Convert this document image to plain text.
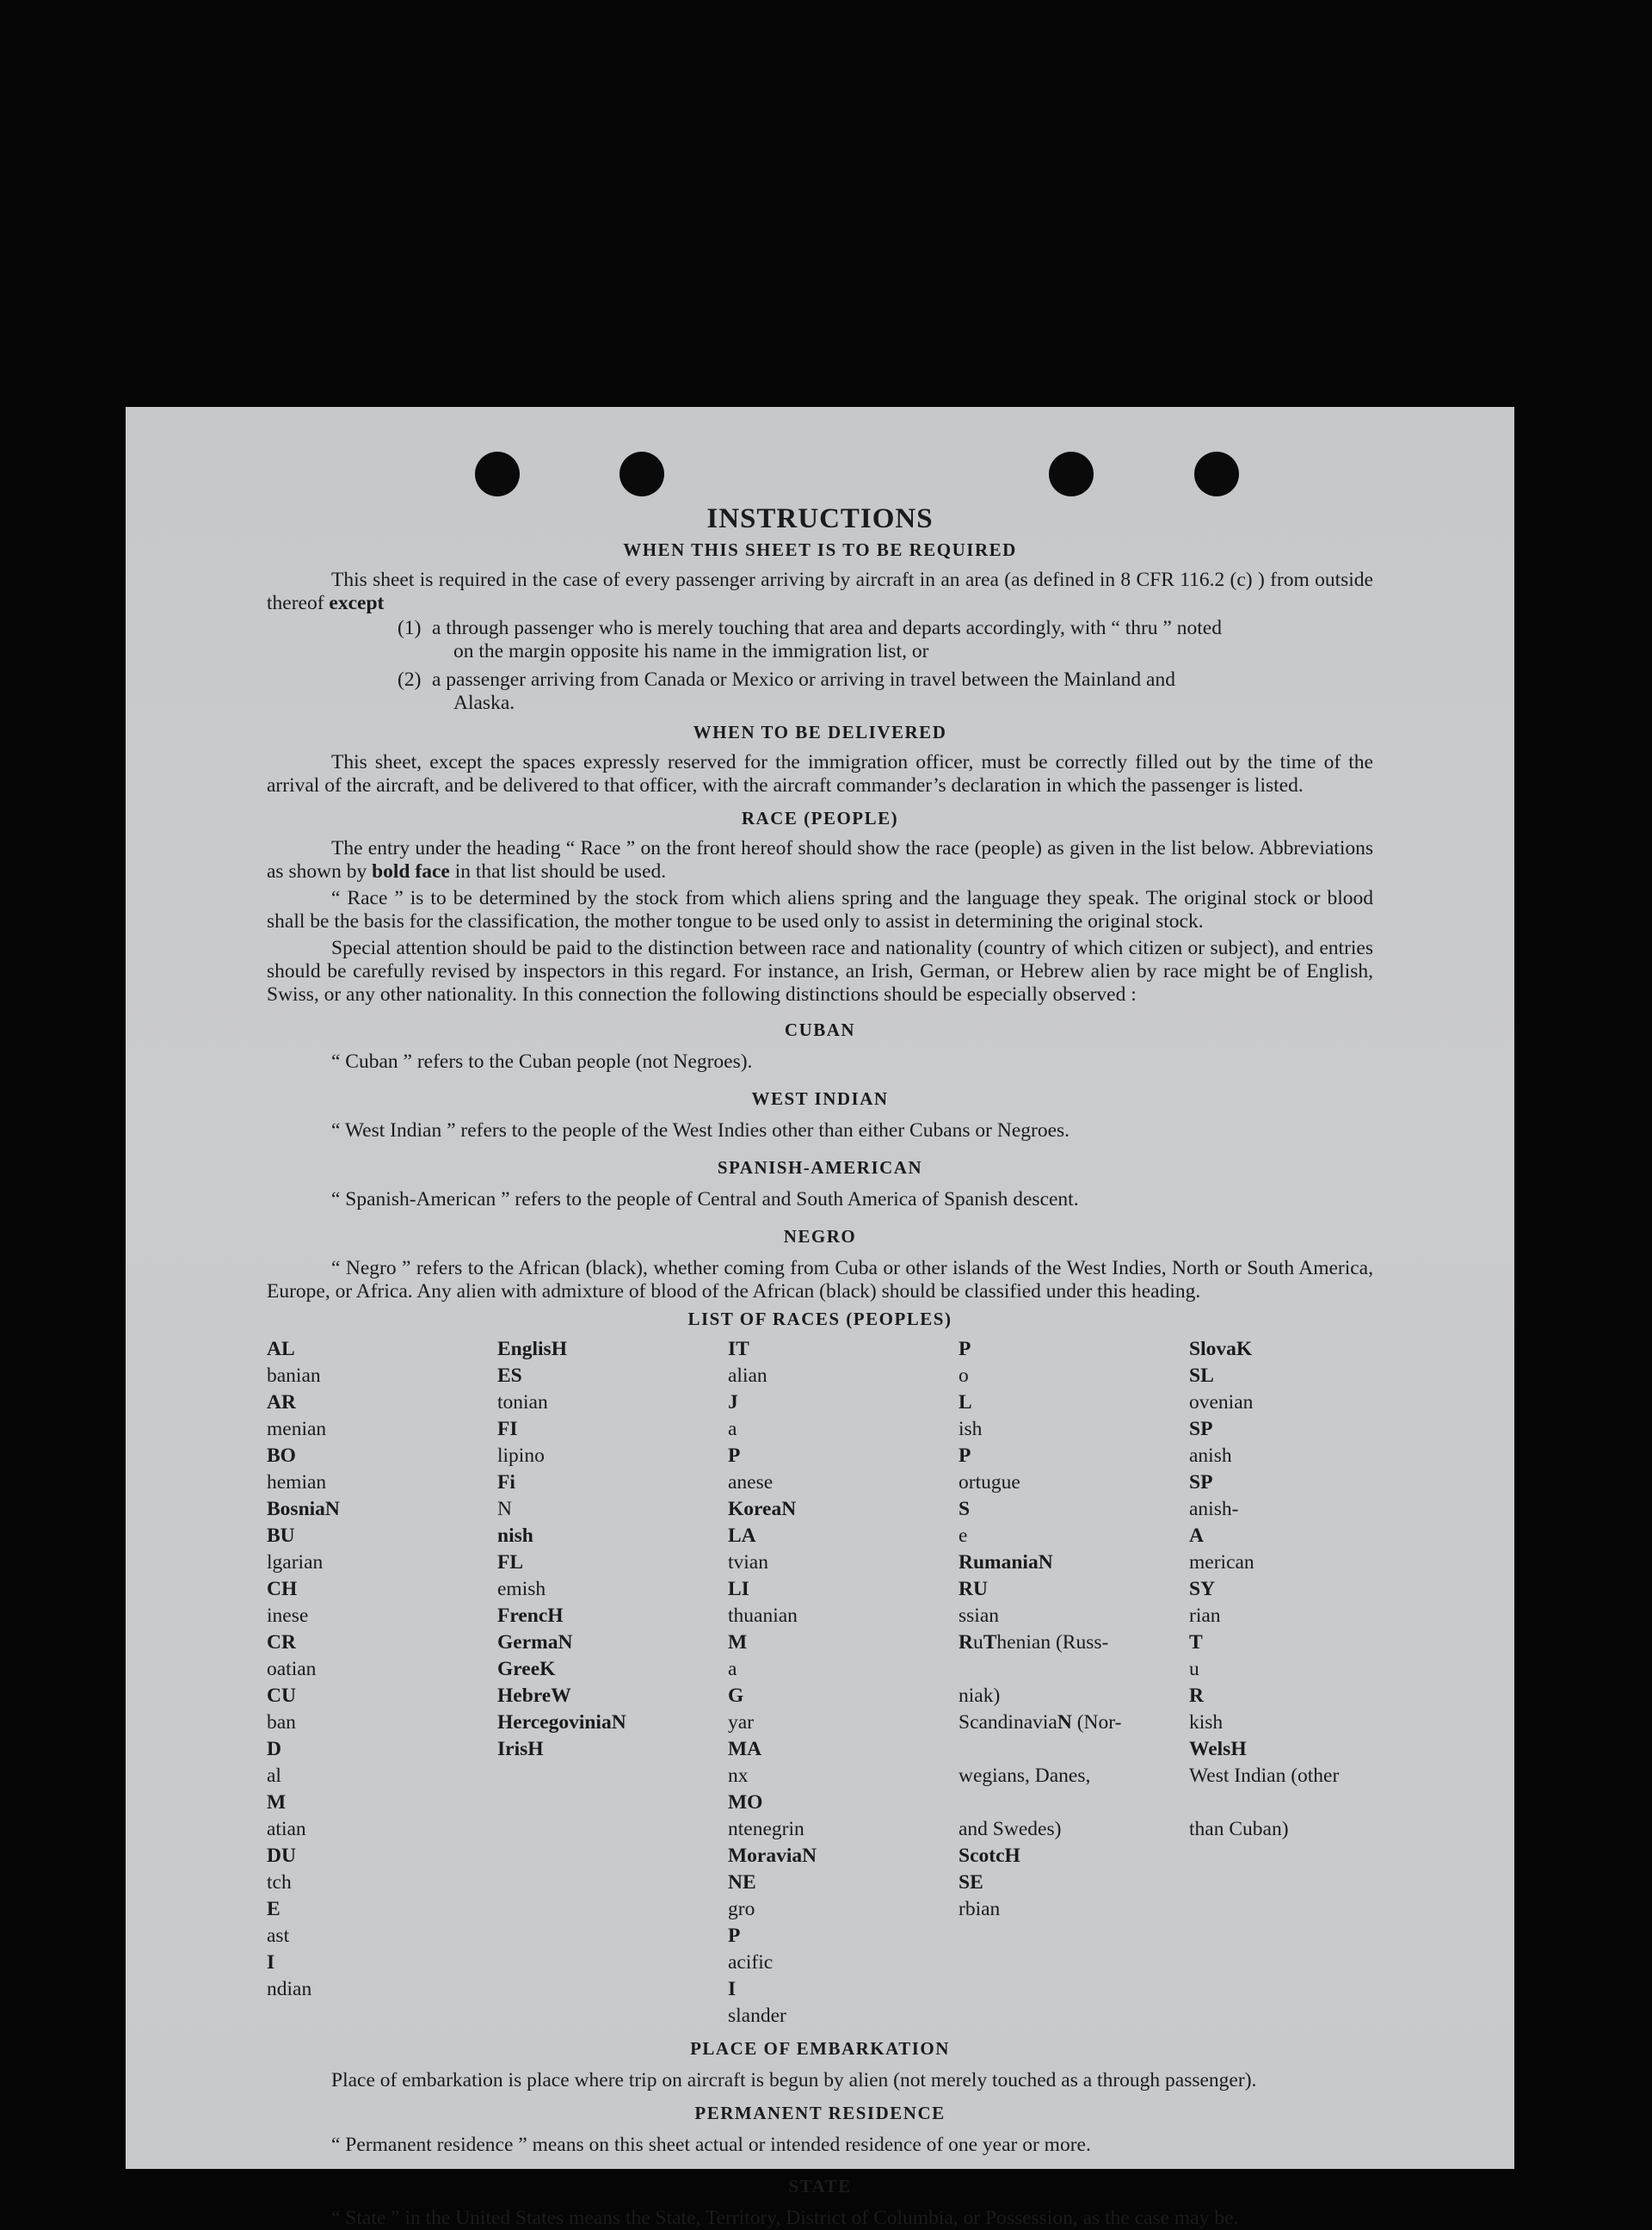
INSTRUCTIONS
WHEN THIS SHEET IS TO BE REQUIRED

This sheet is required in the case of every passenger arriving by aircraft in an area (as defined in 8 CFR 116.2 (c) ) from outside thereof except

(1) a through passenger who is merely touching that area and departs accordingly, with “ thru ” noted
on the margin opposite his name in the immigration list, or
(2) a passenger arriving from Canada or Mexico or arriving in travel between the Mainland and
Alaska.
WHEN TO BE DELIVERED

This sheet, except the spaces expressly reserved for the immigration officer, must be correctly filled out by the time of the arrival of the aircraft, and be delivered to that officer, with the aircraft commander’s declaration in which the passenger is listed.

RACE (PEOPLE)

The entry under the heading “ Race ” on the front hereof should show the race (people) as given in the list below. Abbreviations as shown by bold face in that list should be used.

“ Race ” is to be determined by the stock from which aliens spring and the language they speak. The original stock or blood shall be the basis for the classification, the mother tongue to be used only to assist in determining the original stock.

Special attention should be paid to the distinction between race and nationality (country of which citizen or subject), and entries should be carefully revised by inspectors in this regard. For instance, an Irish, German, or Hebrew alien by race might be of English, Swiss, or any other nationality. In this connection the following distinctions should be especially observed :

CUBAN

“ Cuban ” refers to the Cuban people (not Negroes).

WEST INDIAN

“ West Indian ” refers to the people of the West Indies other than either Cubans or Negroes.

SPANISH-AMERICAN

“ Spanish-American ” refers to the people of Central and South America of Spanish descent.

NEGRO

“ Negro ” refers to the African (black), whether coming from Cuba or other islands of the West Indies, North or South America, Europe, or Africa. Any alien with admixture of blood of the African (black) should be classified under this heading.

LIST OF RACES (PEOPLES)
AL
banian
AR
menian
BO
hemian
BosniaN
BU
lgarian
CH
inese
CR
oatian
CU
ban
D
al
M
atian
DU
tch
E
ast
I
ndian
EnglisH
ES
tonian
FI
lipino
Fi
N
nish
FL
emish
FrencH
GermaN
GreeK
HebreW
HercegoviniaN
IrisH
IT
alian
J
a
P
anese
KoreaN
LA
tvian
LI
thuanian
M
a
G
yar
MA
nx
MO
ntenegrin
MoraviaN
NE
gro
P
acific
I
slander
P
o
L
ish
P
ortugue
S
e
RumaniaN
RU
ssian
RuThenian (Russ-

niak)
ScandinaviaN (Nor-

wegians, Danes,

and Swedes)
ScotcH
SE
rbian
SlovaK
SL
ovenian
SP
anish
SP
anish-
A
merican
SY
rian
T
u
R
kish
WelsH
West Indian (other

than Cuban)
PLACE OF EMBARKATION

Place of embarkation is place where trip on aircraft is begun by alien (not merely touched as a through passenger).

PERMANENT RESIDENCE

“ Permanent residence ” means on this sheet actual or intended residence of one year or more.

STATE

“ State ” in the United States means the State, Territory, District of Columbia, or Possession, as the case may be.
